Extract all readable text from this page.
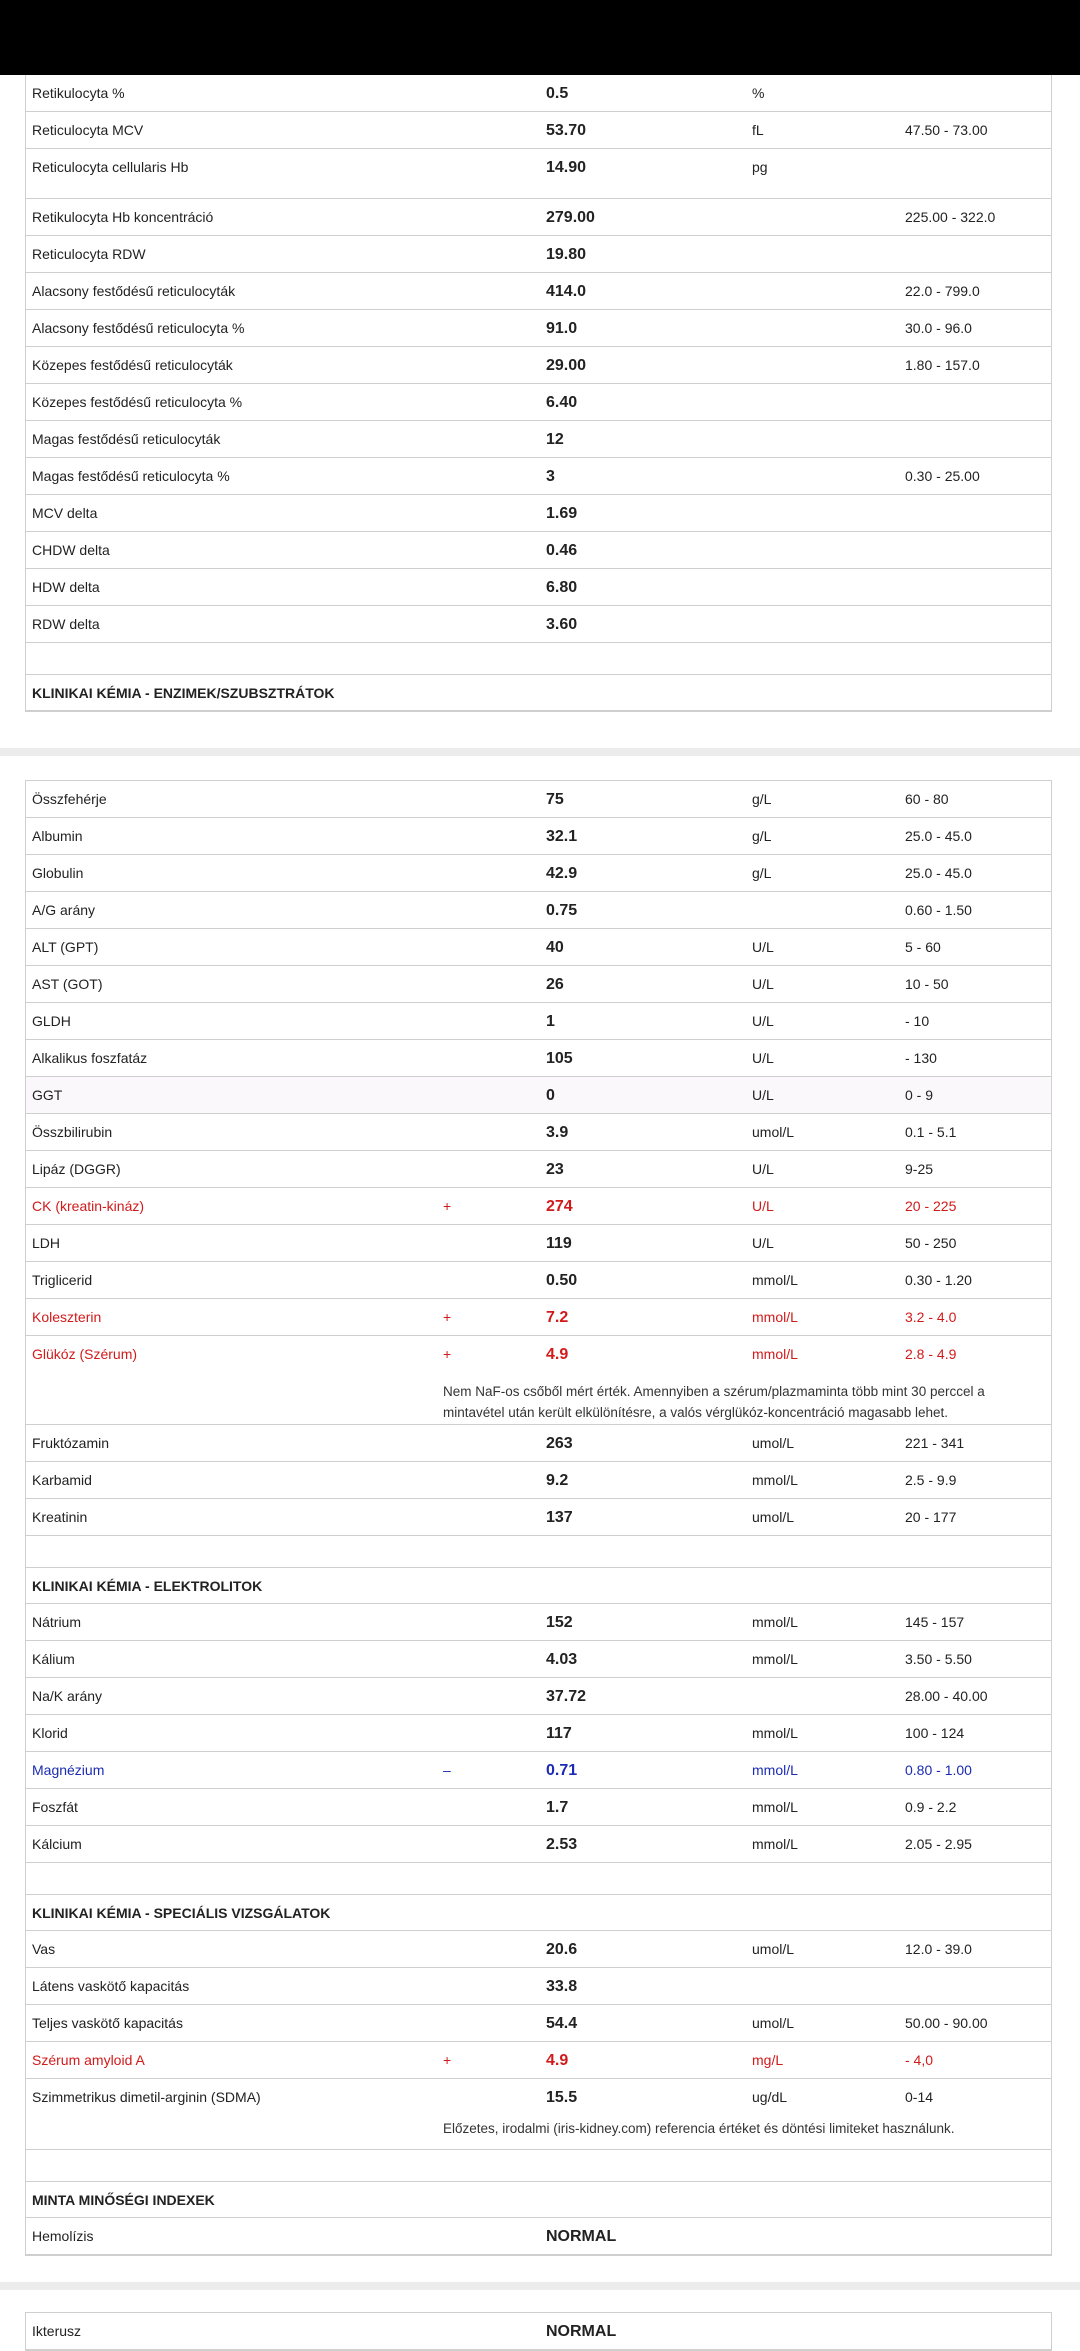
Retikulocyta %	0.5	%
Reticulocyta MCV	53.70	fL	47.50 - 73.00
Reticulocyta cellularis Hb	14.90	pg
Retikulocyta Hb koncentráció	279.00	225.00 - 322.0
Reticulocyta RDW	19.80
Alacsony festődésű reticulocyták	414.0	22.0 - 799.0
Alacsony festődésű reticulocyta %	91.0	30.0 - 96.0
Közepes festődésű reticulocyták	29.00	1.80 - 157.0
Közepes festődésű reticulocyta %	6.40
Magas festődésű reticulocyták	12
Magas festődésű reticulocyta %	3	0.30 - 25.00
MCV delta	1.69
CHDW delta	0.46
HDW delta	6.80
RDW delta	3.60
KLINIKAI KÉMIA - ENZIMEK/SZUBSZTRÁTOK
Összfehérje	75	g/L	60 - 80
Albumin	32.1	g/L	25.0 - 45.0
Globulin	42.9	g/L	25.0 - 45.0
A/G arány	0.75	0.60 - 1.50
ALT (GPT)	40	U/L	5 - 60
AST (GOT)	26	U/L	10 - 50
GLDH	1	U/L	- 10
Alkalikus foszfatáz	105	U/L	- 130
GGT	0	U/L	0 - 9
Összbilirubin	3.9	umol/L	0.1 - 5.1
Lipáz (DGGR)	23	U/L	9-25
CK (kreatin-kináz)	+	274	U/L	20 - 225
LDH	119	U/L	50 - 250
Triglicerid	0.50	mmol/L	0.30 - 1.20
Koleszterin	+	7.2	mmol/L	3.2 - 4.0
Glükóz (Szérum)	+	4.9	mmol/L	2.8 - 4.9
Nem NaF-os csőből mért érték. Amennyiben a szérum/plazmaminta több mint 30 perccel a mintavétel után került elkülönítésre, a valós vérglükóz-koncentráció magasabb lehet.
Fruktózamin	263	umol/L	221 - 341
Karbamid	9.2	mmol/L	2.5 - 9.9
Kreatinin	137	umol/L	20 - 177
KLINIKAI KÉMIA - ELEKTROLITOK
Nátrium	152	mmol/L	145 - 157
Kálium	4.03	mmol/L	3.50 - 5.50
Na/K arány	37.72	28.00 - 40.00
Klorid	117	mmol/L	100 - 124
Magnézium	–	0.71	mmol/L	0.80 - 1.00
Foszfát	1.7	mmol/L	0.9 - 2.2
Kálcium	2.53	mmol/L	2.05 - 2.95
KLINIKAI KÉMIA - SPECIÁLIS VIZSGÁLATOK
Vas	20.6	umol/L	12.0 - 39.0
Látens vaskötő kapacitás	33.8
Teljes vaskötő kapacitás	54.4	umol/L	50.00 - 90.00
Szérum amyloid A	+	4.9	mg/L	- 4,0
Szimmetrikus dimetil-arginin (SDMA)	15.5	ug/dL	0-14
Előzetes, irodalmi (iris-kidney.com) referencia értéket és döntési limiteket használunk.
MINTA MINŐSÉGI INDEXEK
Hemolízis	NORMAL
Ikterusz	NORMAL
